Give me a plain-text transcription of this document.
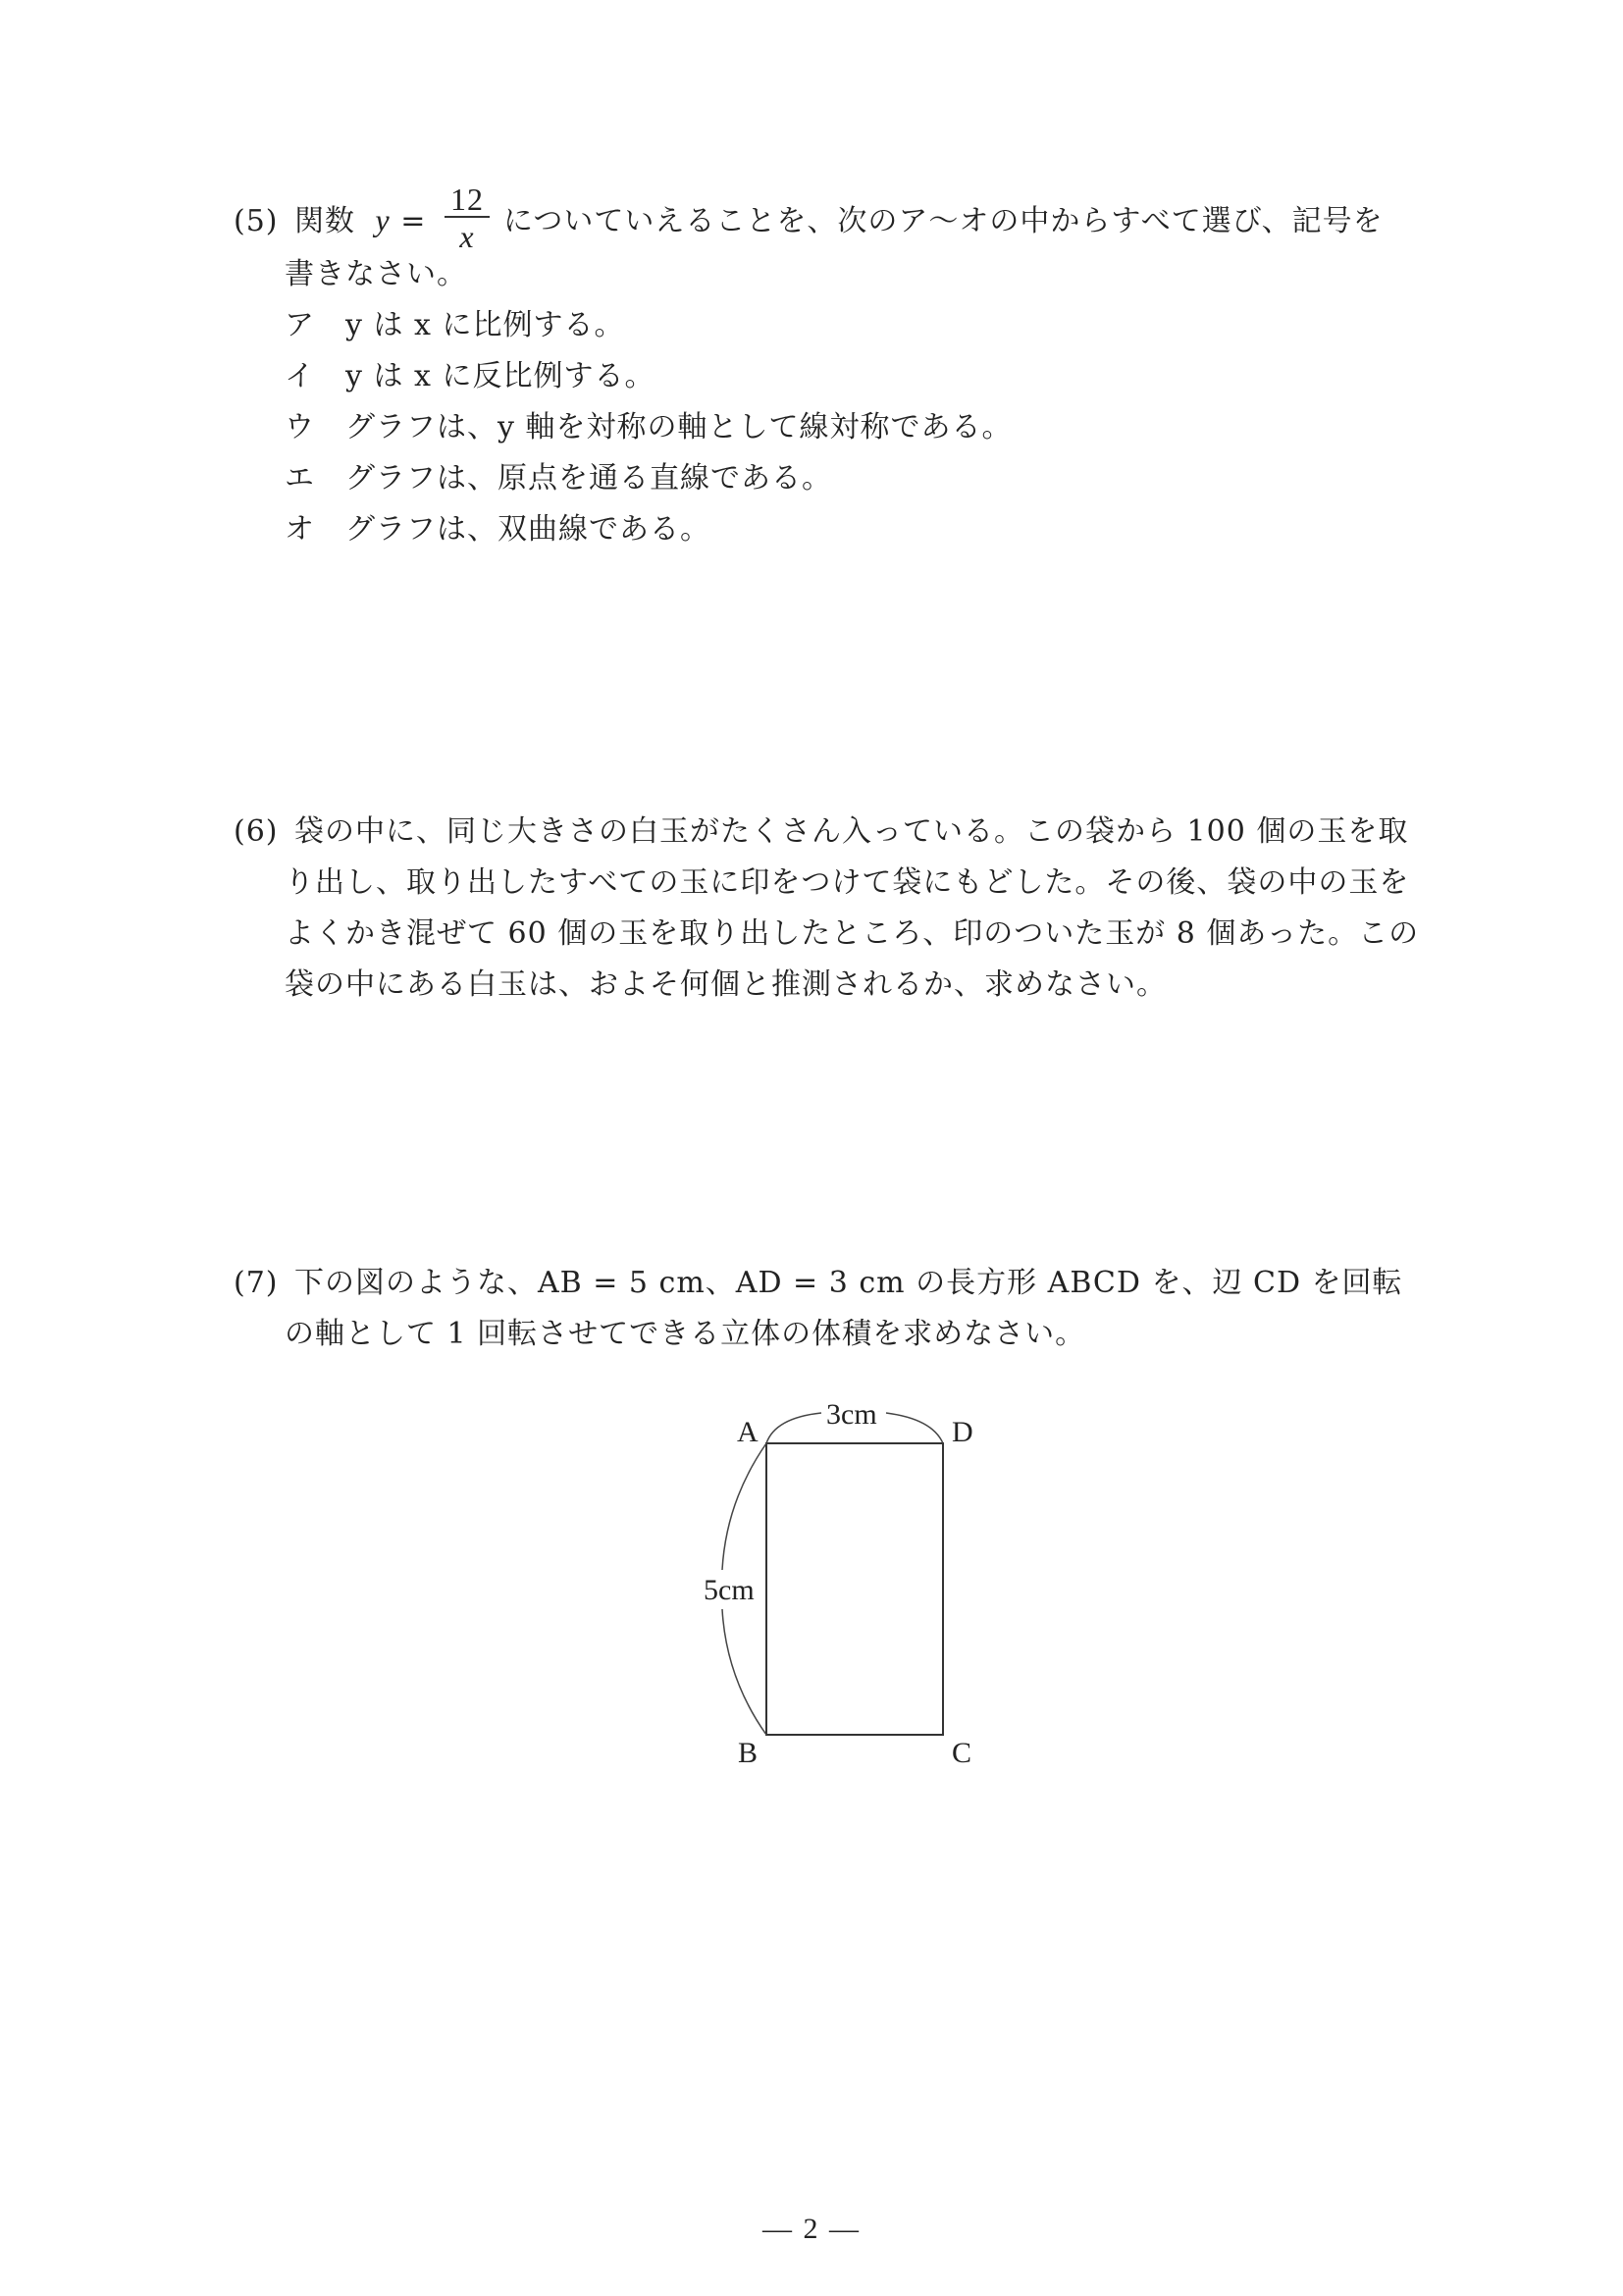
(5) 関数 $y = \frac{12}{x}$ についていえることを、次のア～オの中からすべて選び、記号を
書きなさい。
ア y は x に比例する。
イ y は x に反比例する。
ウ グラフは、y 軸を対称の軸として線対称である。
エ グラフは、原点を通る直線である。
オ グラフは、双曲線である。
(6) 袋の中に、同じ大きさの白玉がたくさん入っている。この袋から 100 個の玉を取
り出し、取り出したすべての玉に印をつけて袋にもどした。その後、袋の中の玉を
よくかき混ぜて 60 個の玉を取り出したところ、印のついた玉が 8 個あった。この
袋の中にある白玉は、およそ何個と推測されるか、求めなさい。
(7) 下の図のような、AB = 5 cm、AD = 3 cm の長方形 ABCD を、辺 CD を回転
の軸として 1 回転させてできる立体の体積を求めなさい。
A	D
B	C
3cm
5cm
— 2 —
